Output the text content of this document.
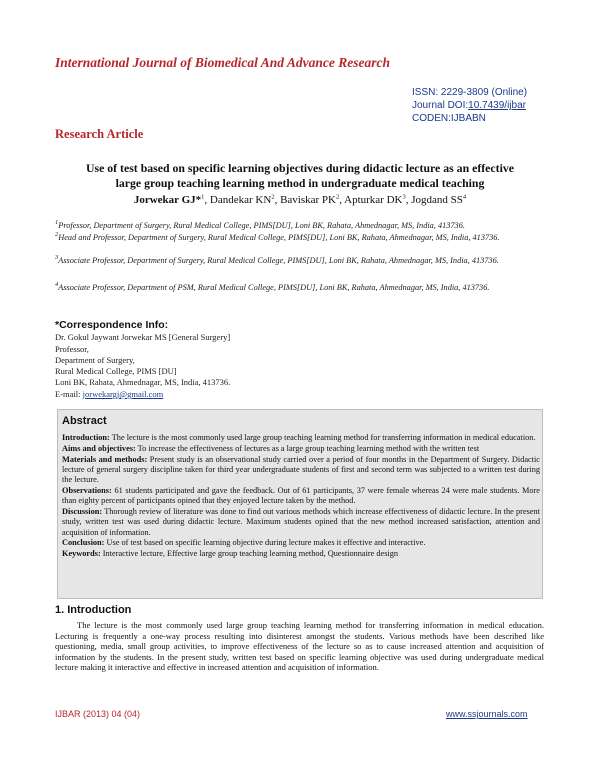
International Journal of Biomedical And Advance Research
ISSN: 2229-3809 (Online)
Journal DOI:10.7439/ijbar
CODEN:IJBABN
Research Article
Use of test based on specific learning objectives during didactic lecture as an effective
large group teaching learning method in undergraduate medical teaching
Jorwekar GJ*$^1$, Dandekar $KN^2$, Baviskar $PK^2$, Apturkar $DK^3$, Jogdand $SS^4$
$^1$Professor, Department of Surgery, Rural Medical College, PIMS[DU], Loni BK, Rahata, Ahmednagar, MS, India, 413736.
$^2$Head and Professor, Department of Surgery, Rural Medical College, PIMS[DU], Loni BK, Rahata, Ahmednagar, MS, India, 413736.
$^3$Associate Professor, Department of Surgery, Rural Medical College, PIMS[DU], Loni BK, Rahata, Ahmednagar, MS, India, 413736.
$^4$Associate Professor, Department of PSM, Rural Medical College, PIMS[DU], Loni BK, Rahata, Ahmednagar, MS, India, 413736.
*Correspondence Info:
Dr. Gokul Jaywant Jorwekar MS [General Surgery]
Professor,
Department of Surgery,
Rural Medical College, PIMS [DU]
Loni BK, Rahata, Ahmednagar, MS, India, 413736.
E-mail: jorwekargj@gmail.com
Abstract

Introduction: The lecture is the most commonly used large group teaching learning method for transferring information in medical education.

Aims and objectives: To increase the effectiveness of lectures as a large group teaching learning method with the written test

Materials and methods: Present study is an observational study carried over a period of four months in the Department of Surgery. Didactic lecture of general surgery discipline taken for third year undergraduate students of first and second term was subjected to a written test during the lecture.

Observations: 61 students participated and gave the feedback. Out of 61 participants, 37 were female whereas 24 were male students. More than eighty percent of participants opined that they enjoyed lecture taken by the method.

Discussion: Thorough review of literature was done to find out various methods which increase effectiveness of didactic lecture. In the present study, written test was used during didactic lecture. Maximum students opined that the new method increased satisfaction, attention and acquisition of information.

Conclusion: Use of test based on specific learning objective during lecture makes it effective and interactive.

Keywords: Interactive lecture, Effective large group teaching learning method, Questionnaire design

1. Introduction
The lecture is the most commonly used large group teaching learning method for transferring information in medical education. Lecturing is frequently a one-way process resulting into disinterest amongst the students. Various methods have been described like questioning, media, small group activities, to improve effectiveness of the lecture so as to cause increased attention and acquisition of information by the students. In the present study, written test based on specific learning objective was used during undergraduate medical lecture making it interactive and effective in increased attention and acquisition of information.
IJBAR (2013) 04 (04)	www.ssjournals.com
